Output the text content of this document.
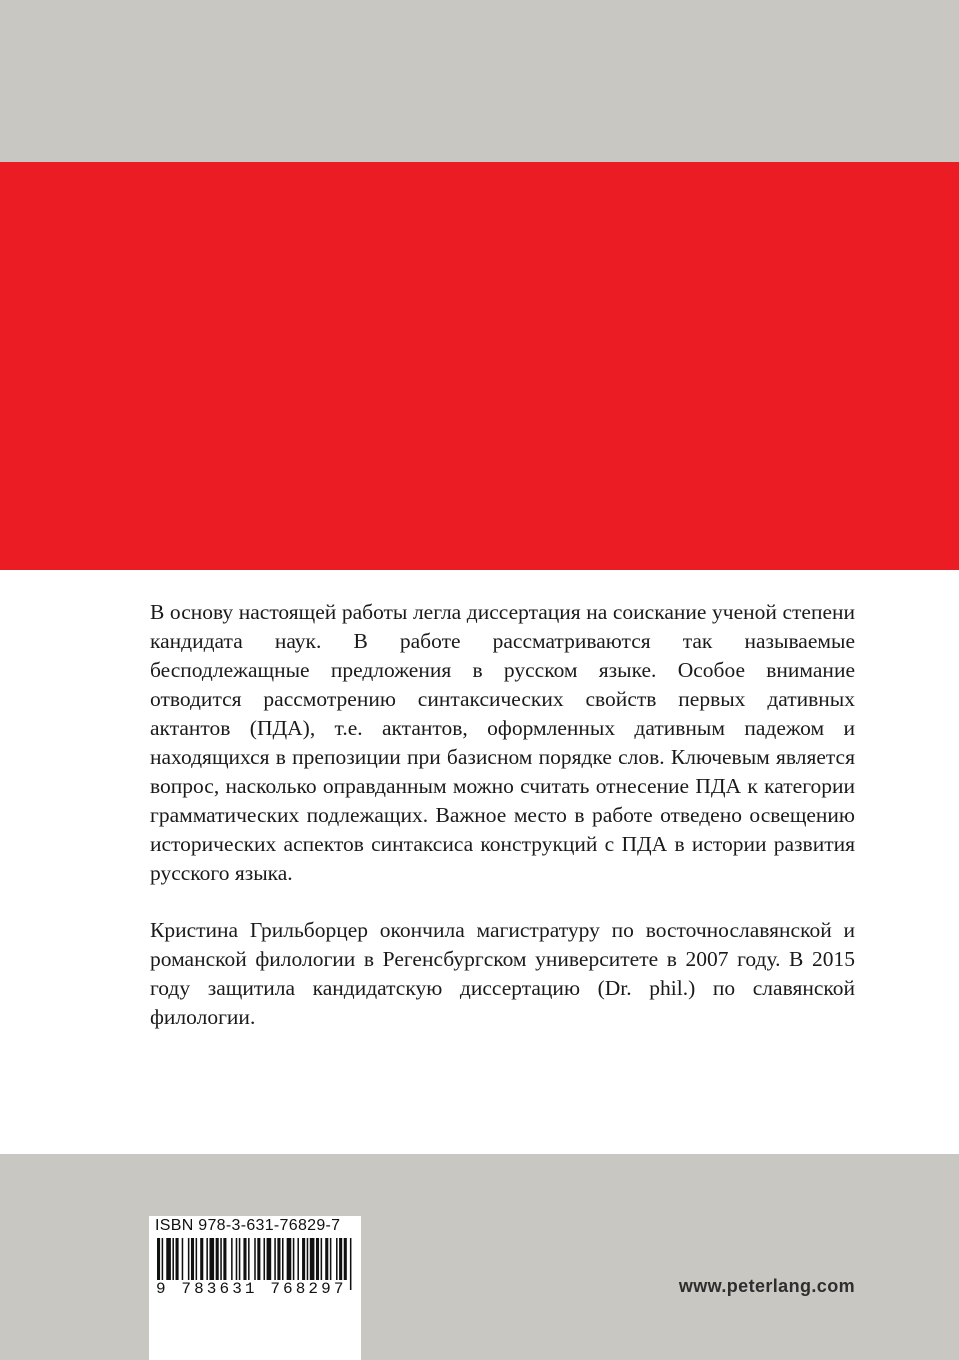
В основу настоящей работы легла диссертация на соискание ученой степени кандидата наук. В работе рассматриваются так называемые бесподлежащные предложения в русском языке. Особое внимание отводится рассмотрению синтаксических свойств первых дативных актантов (ПДА), т.е. актантов, оформленных дативным падежом и находящихся в препозиции при базисном порядке слов. Ключевым является вопрос, насколько оправданным можно считать отнесение ПДА к категории грамматических подлежащих. Важное место в работе отведено освещению исторических аспектов синтаксиса конструкций с ПДА в истории развития русского языка.

Кристина Грильборцер окончила магистратуру по восточнославянской и романской филологии в Регенсбургском университете в 2007 году. В 2015 году защитила кандидатскую диссертацию (Dr. phil.) по славянской филологии.

ISBN 978-3-631-76829-7
9 783631 768297	www.peterlang.com
